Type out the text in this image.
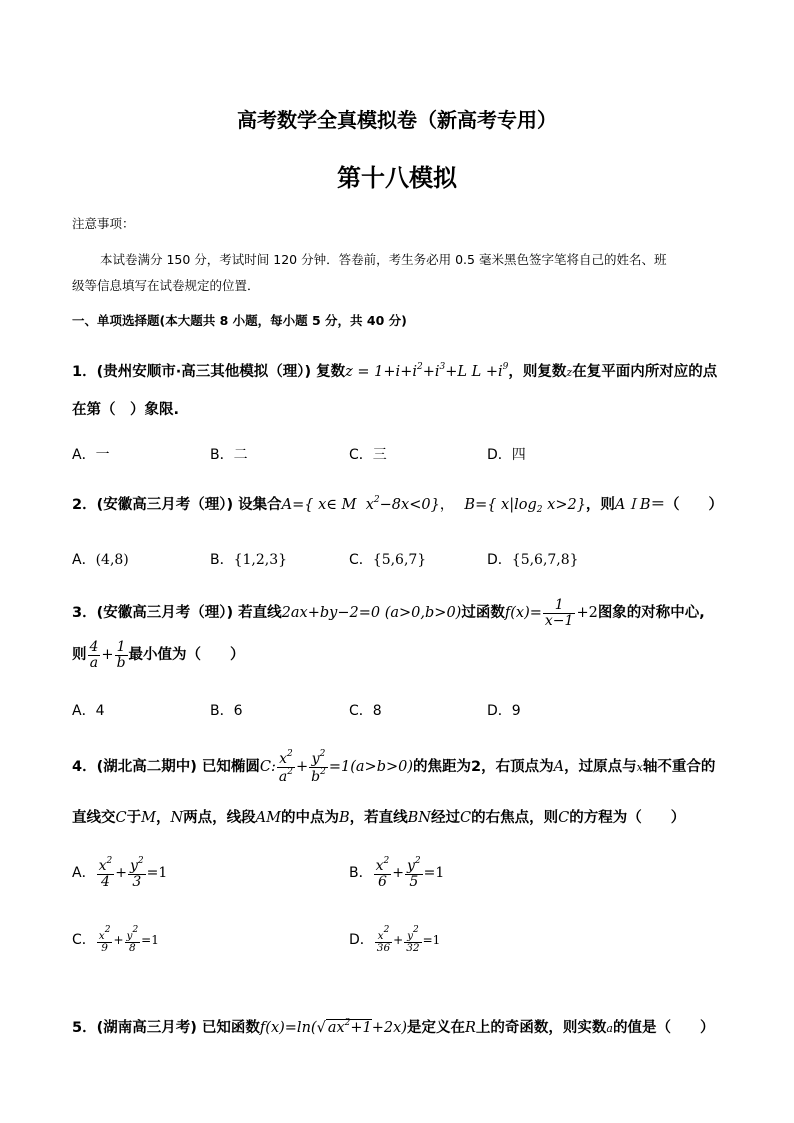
高考数学全真模拟卷（新高考专用）
第十八模拟
注意事项：
本试卷满分 150 分，考试时间 120 分钟．答卷前，考生务必用 0.5 毫米黑色签字笔将自己的姓名、班
级等信息填写在试卷规定的位置．
一、单项选择题(本大题共 8 小题，每小题 5 分，共 40 分)
1．(贵州安顺市·高三其他模拟（理）) 复数$z = 1+i+i^2+i^3+L$ $L +i^9$，则复数z在复平面内所对应的点
在第（　）象限.
A．一	B．二	C．三	D．四
2．(安徽高三月考（理）) 设集合A={ x∈ M  $x^2-8x<0$}， B={ $x|\log_2$ x>2}，则AＩB＝（　　）
A．(4,8)	B．{1,2,3}	C．{5,6,7}	D．{5,6,7,8}
3．(安徽高三月考（理）) 若直线2ax+by−2=0 (a>0,b>0)过函数$f(x)= \frac{1}{x-1} +2$图象的对称中心,
则 $\frac{4}{a} + \frac{1}{b}$ 最小值为（　　）
A．4	B．6	C．8	D．9
4．(湖北高二期中) 已知椭圆C: $\frac{x^2}{a^2} + \frac{y^2}{b^2} =1(a>b>0)$的焦距为2，右顶点为A，过原点与x轴不重合的
直线交C于M，N两点，线段AM的中点为B，若直线BN经过C的右焦点，则C的方程为（　　）
A． $\frac{x^2}{4} + \frac{y^2}{3} =1$	B． $\frac{x^2}{6} + \frac{y^2}{5} =1$
C． $\frac{x^2}{9} + \frac{y^2}{8} =1$	D． $\frac{x^2}{36} + \frac{y^2}{32} =1$
5．(湖南高三月考) 已知函数f(x)=ln(√ $ax^2+1+2x$)是定义在R上的奇函数，则实数a的值是（　　）
